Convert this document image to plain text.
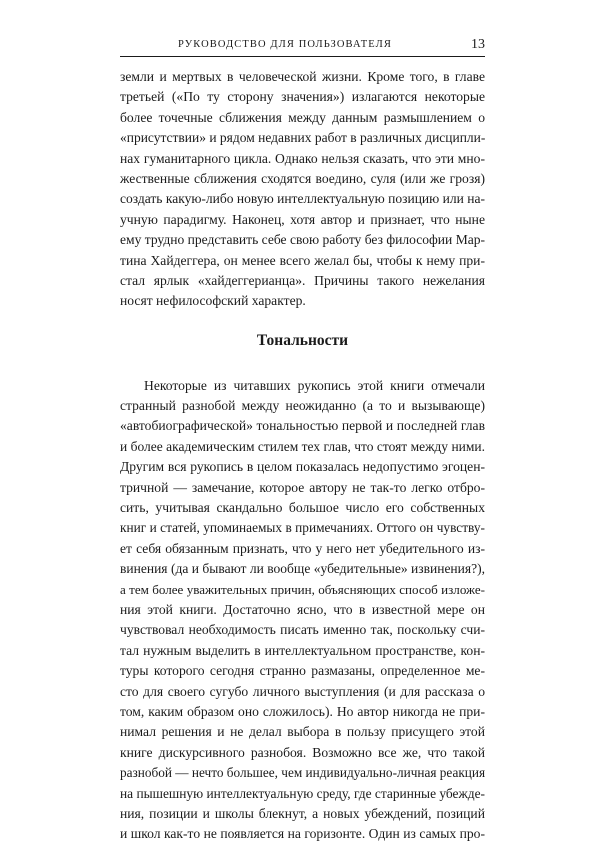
РУКОВОДСТВО ДЛЯ ПОЛЬЗОВАТЕЛЯ	13
земли и мертвых в человеческой жизни. Кроме того, в главе
третьей («По ту сторону значения») излагаются некоторые
более точечные сближения между данным размышлением о
«присутствии» и рядом недавних работ в различных дисципли-
нах гуманитарного цикла. Однако нельзя сказать, что эти мно-
жественные сближения сходятся воедино, суля (или же грозя)
создать какую-либо новую интеллектуальную позицию или на-
учную парадигму. Наконец, хотя автор и признает, что ныне
ему трудно представить себе свою работу без философии Мар-
тина Хайдеггера, он менее всего желал бы, чтобы к нему при-
стал ярлык «хайдеггерианца». Причины такого нежелания
носят нефилософский характер.
Тональности
Некоторые из читавших рукопись этой книги отмечали
странный разнобой между неожиданно (а то и вызывающе)
«автобиографической» тональностью первой и последней глав
и более академическим стилем тех глав, что стоят между ними.
Другим вся рукопись в целом показалась недопустимо эгоцен-
тричной — замечание, которое автору не так-то легко отбро-
сить, учитывая скандально большое число его собственных
книг и статей, упоминаемых в примечаниях. Оттого он чувству-
ет себя обязанным признать, что у него нет убедительного из-
винения (да и бывают ли вообще «убедительные» извинения?),
а тем более уважительных причин, объясняющих способ изложе-
ния этой книги. Достаточно ясно, что в известной мере он
чувствовал необходимость писать именно так, поскольку счи-
тал нужным выделить в интеллектуальном пространстве, кон-
туры которого сегодня странно размазаны, определенное ме-
сто для своего сугубо личного выступления (и для рассказа о
том, каким образом оно сложилось). Но автор никогда не при-
нимал решения и не делал выбора в пользу присущего этой
книге дискурсивного разнобоя. Возможно все же, что такой
разнобой — нечто большее, чем индивидуально-личная реакция
на пышешную интеллектуальную среду, где старинные убежде-
ния, позиции и школы блекнут, а новых убеждений, позиций
и школ как-то не появляется на горизонте. Один из самых про-
